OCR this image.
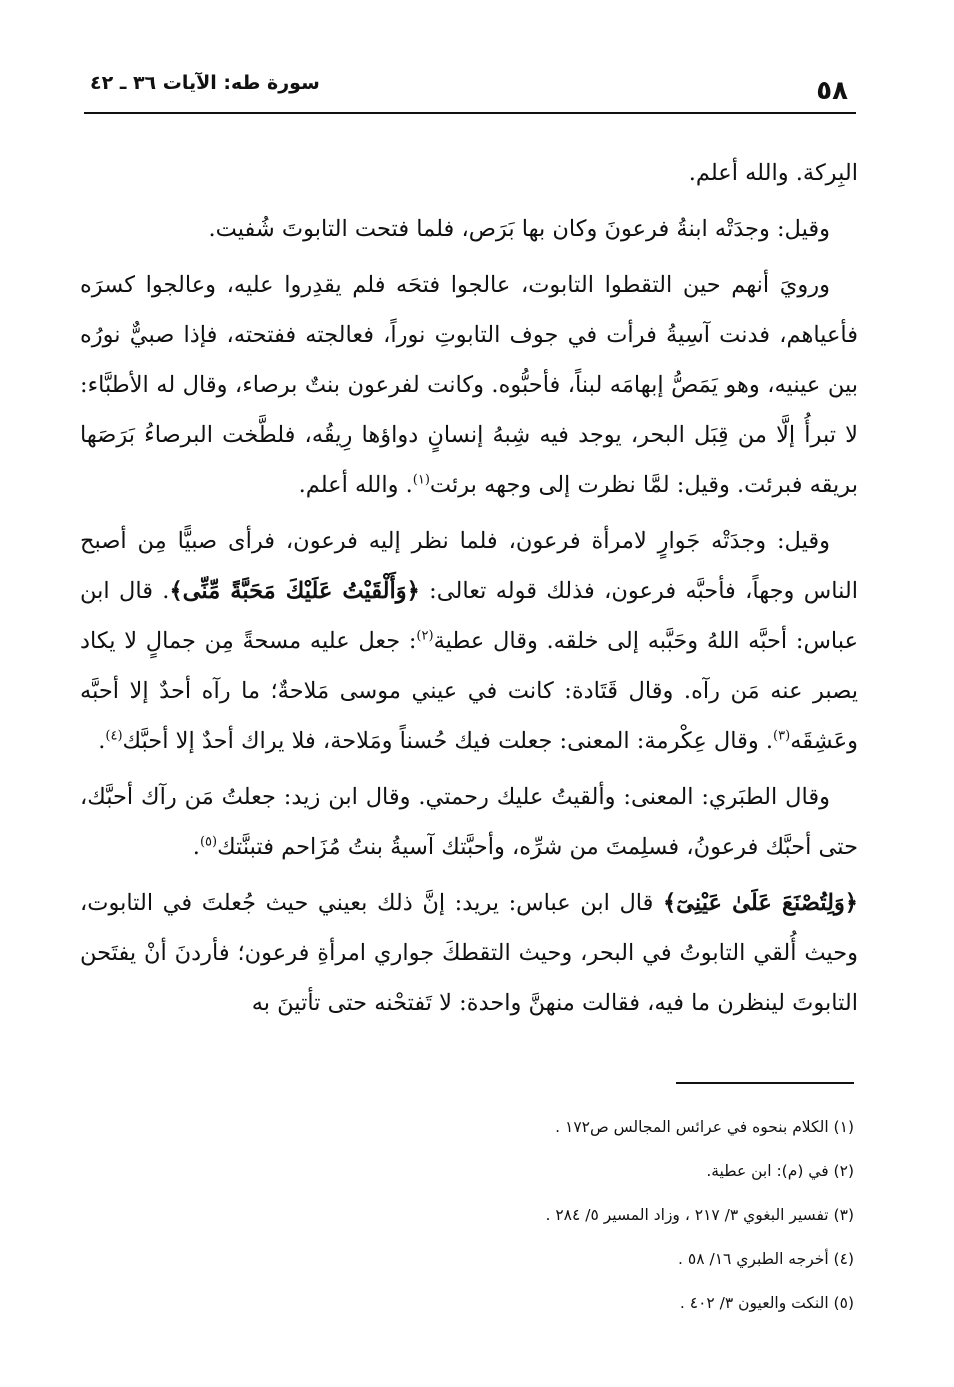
٥٨
سورة طه: الآيات ٣٦ ـ ٤٢

البِركة. والله أعلم.

وقيل: وجدَتْه ابنةُ فرعونَ وكان بها بَرَص، فلما فتحت التابوتَ شُفيت.

ورويَ أنهم حين التقطوا التابوت، عالجوا فتحَه فلم يقدِروا عليه، وعالجوا كسرَه فأعياهم، فدنت آسِيةُ فرأت في جوف التابوتِ نوراً، فعالجته ففتحته، فإذا صبيٌّ نورُه بين عينيه، وهو يَمَصُّ إبهامَه لبناً، فأحبُّوه. وكانت لفرعون بنتٌ برصاء، وقال له الأطبَّاء: لا تبرأُ إلَّا من قِبَل البحر، يوجد فيه شِبهُ إنسانٍ دواؤها رِيقُه، فلطَّخت البرصاءُ بَرَصَها بريقه فبرئت. وقيل: لمَّا نظرت إلى وجهه برئت$^{(١)}$. والله أعلم.

وقيل: وجدَتْه جَوارٍ لامرأة فرعون، فلما نظر إليه فرعون، فرأى صبيًّا مِن أصبح الناس وجهاً، فأحبَّه فرعون، فذلك قوله تعالى: ﴿وَأَلْقَيْتُ عَلَيْكَ مَحَبَّةً مِّنِّى﴾. قال ابن عباس: أحبَّه اللهُ وحَبَّبه إلى خلقه. وقال عطية$^{(٢)}$: جعل عليه مسحةً مِن جمالٍ لا يكاد يصبر عنه مَن رآه. وقال قَتَادة: كانت في عيني موسى مَلاحةٌ؛ ما رآه أحدٌ إلا أحبَّه وعَشِقَه$^{(٣)}$. وقال عِكْرمة: المعنى: جعلت فيك حُسناً ومَلاحة، فلا يراك أحدٌ إلا أحبَّك$^{(٤)}$.

وقال الطبَري: المعنى: وألقيتُ عليك رحمتي. وقال ابن زيد: جعلتُ مَن رآك أحبَّك، حتى أحبَّك فرعونُ، فسلِمتَ من شرِّه، وأحبَّتك آسيةُ بنتُ مُزَاحم فتبنَّتك$^{(٥)}$.

﴿وَلِتُصْنَعَ عَلَىٰ عَيْنِىٓ﴾ قال ابن عباس: يريد: إنَّ ذلك بعيني حيث جُعلتَ في التابوت، وحيث أُلقي التابوتُ في البحر، وحيث التقطكَ جواري امرأةِ فرعون؛ فأردنَ أنْ يفتَحن التابوتَ لينظرن ما فيه، فقالت منهنَّ واحدة: لا تَفتحْنه حتى تأتينَ به

(١) الكلام بنحوه في عرائس المجالس ص١٧٢ .
(٢) في (م): ابن عطية.
(٣) تفسير البغوي ٣/ ٢١٧ ، وزاد المسير ٥/ ٢٨٤ .
(٤) أخرجه الطبري ١٦/ ٥٨ .
(٥) النكت والعيون ٣/ ٤٠٢ .
